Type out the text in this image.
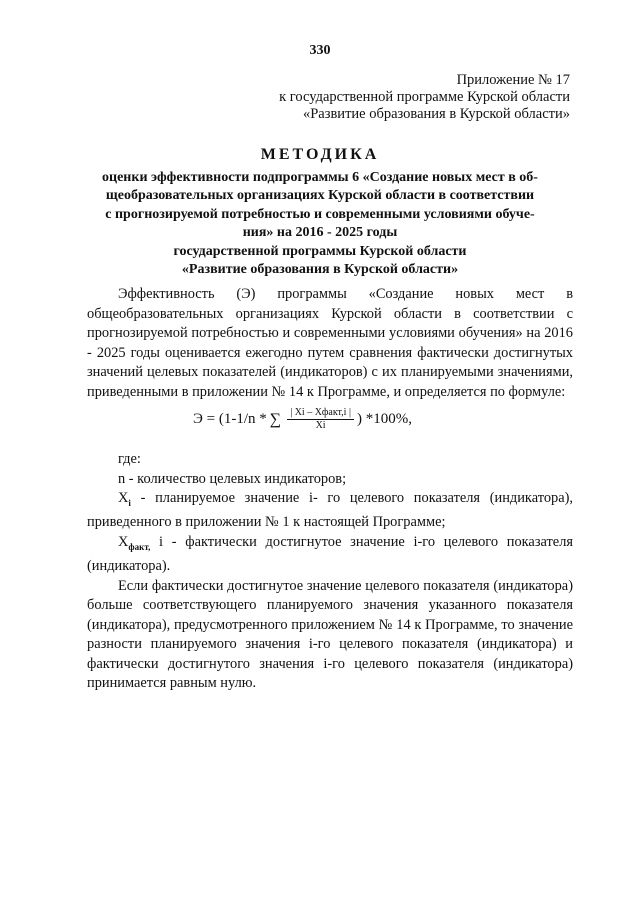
330
Приложение № 17
к государственной программе Курской области
«Развитие образования в Курской области»
МЕТОДИКА
оценки эффективности подпрограммы 6 «Создание новых мест в об-
щеобразовательных организациях Курской области в соответствии
с прогнозируемой потребностью и современными условиями обуче-
ния» на 2016 - 2025 годы
государственной программы Курской области
«Развитие образования в Курской области»

Эффективность (Э) программы «Создание новых мест в общеобразовательных организациях Курской области в соответствии с прогнозируемой потребностью и современными условиями обучения» на 2016 - 2025 годы оценивается ежегодно путем сравнения фактически достигнутых значений целевых показателей (индикаторов) с их планируемыми значениями, приведенными в приложении № 14 к Программе, и определяется по формуле:

Э = (1-1/n * ∑ $\frac{\text{| Xi – Xфакт,i |}}{Xi}$ ) *100%,

где:

n - количество целевых индикаторов;

$X_i$ - планируемое значение i- го целевого показателя (индикатора), приведенного в приложении № 1 к настоящей Программе;

$X_{факт,}$ i - фактически достигнутое значение i-го целевого показателя (индикатора).

Если фактически достигнутое значение целевого показателя (индикатора) больше соответствующего планируемого значения указанного показателя (индикатора), предусмотренного приложением № 14 к Программе, то значение разности планируемого значения i-го целевого показателя (индикатора) и фактически достигнутого значения i-го целевого показателя (индикатора) принимается равным нулю.
